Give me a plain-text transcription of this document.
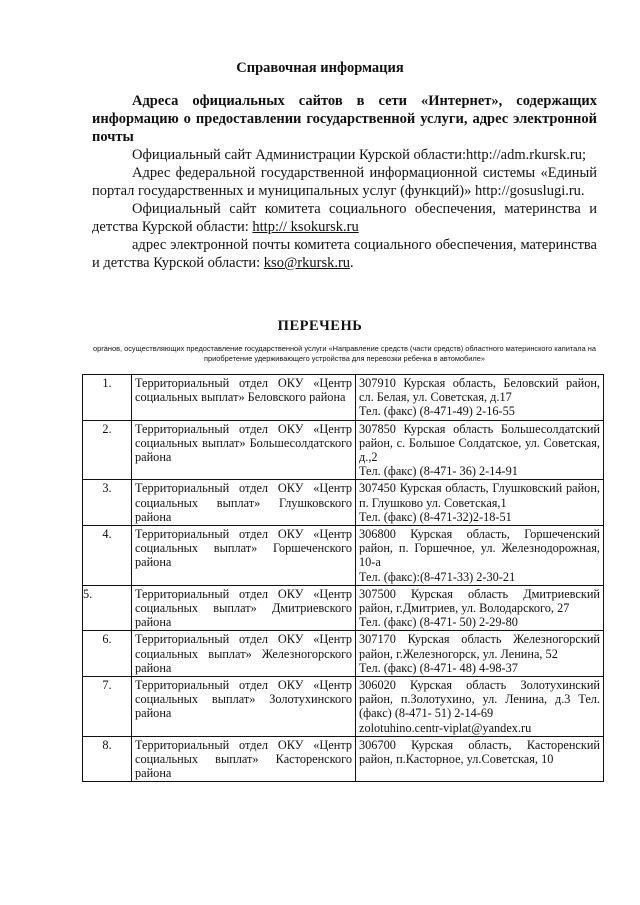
Справочная информация

Адреса официальных сайтов в сети «Интернет», содержащих информацию о предоставлении государственной услуги, адрес электронной почты

Официальный сайт Администрации Курской области:http://adm.rkursk.ru;

Адрес федеральной государственной информационной системы «Единый портал государственных и муниципальных услуг (функций)» http://gosuslugi.ru.

Официальный сайт комитета социального обеспечения, материнства и детства Курской области: http:// ksokursk.ru

адрес электронной почты комитета социального обеспечения, материнства и детства Курской области: kso@rkursk.ru.

ПЕРЕЧЕНЬ
органов, осуществляющих предоставление государственной услуги «Направление средств (части средств) областного материнского капитала на приобретение удерживающего устройства для перевозки ребенка в автомобиле»
1.	Территориальный отдел ОКУ «Центр социальных выплат» Беловского района	307910 Курская область, Беловский район, сл. Белая, ул. Советская, д.17
Тел. (факс) (8-471-49) 2-16-55

2.	Территориальный отдел ОКУ «Центр социальных выплат» Большесолдатского района	307850 Курская область Большесолдатский район, с. Большое Солдатское, ул. Советская, д.,2
Тел. (факс) (8-471- 36) 2-14-91

3.	Территориальный отдел ОКУ «Центр социальных выплат» Глушковского района	307450 Курская область, Глушковский район, п. Глушково ул. Советская,1
Тел. (факс) (8-471-32)2-18-51

4.	Территориальный отдел ОКУ «Центр социальных выплат» Горшеченского района	306800 Курская область, Горшеченский район, п. Горшечное, ул. Железнодорожная, 10-а
Тел. (факс):(8-471-33) 2-30-21

5.	Территориальный отдел ОКУ «Центр социальных выплат» Дмитриевского района	307500 Курская область Дмитриевский район, г.Дмитриев, ул. Володарского, 27
Тел. (факс) (8-471- 50) 2-29-80

6.	Территориальный отдел ОКУ «Центр социальных выплат» Железногорского района	307170 Курская область Железногорский район, г.Железногорск, ул. Ленина, 52
Тел. (факс) (8-471- 48) 4-98-37

7.	Территориальный отдел ОКУ «Центр социальных выплат» Золотухинского района	306020 Курская область Золотухинский район, п.Золотухино, ул. Ленина, д.3 Тел. (факс) (8-471- 51) 2-14-69
zolotuhino.centr-viplat@yandex.ru

8.	Территориальный отдел ОКУ «Центр социальных выплат» Касторенского района	306700 Курская область, Касторенский район, п.Касторное, ул.Советская, 10
